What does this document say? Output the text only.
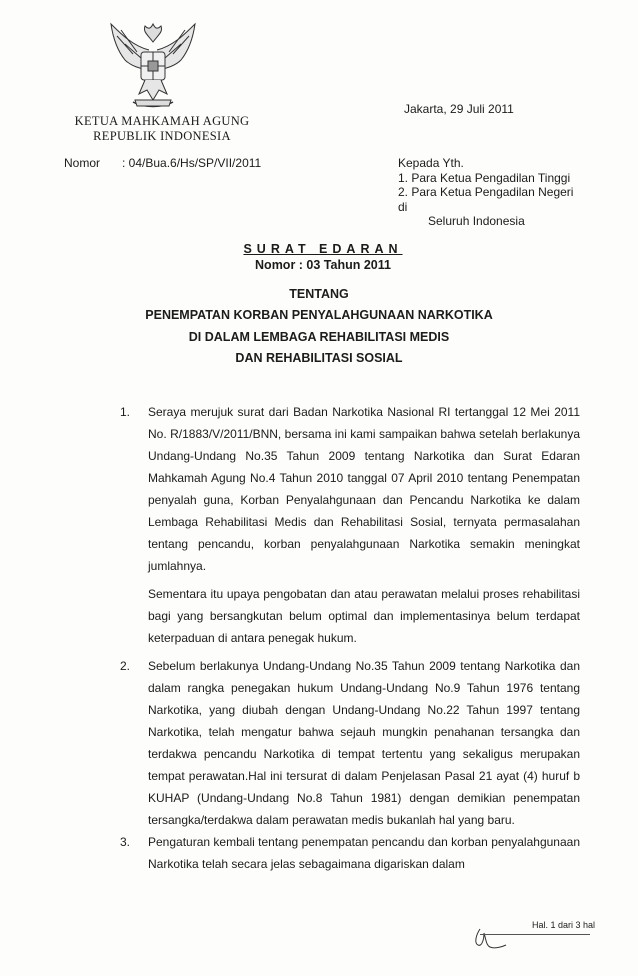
KETUA MAHKAMAH AGUNG
REPUBLIK INDONESIA
Jakarta, 29 Juli 2011
Nomor : 04/Bua.6/Hs/SP/VII/2011	Kepada Yth.
1. Para Ketua Pengadilan Tinggi
2. Para Ketua Pengadilan Negeri
di
Seluruh Indonesia
SURAT EDARAN
Nomor : 03 Tahun 2011
TENTANG
PENEMPATAN KORBAN PENYALAHGUNAAN NARKOTIKA
DI DALAM LEMBAGA REHABILITASI MEDIS
DAN REHABILITASI SOSIAL
1.	Seraya merujuk surat dari Badan Narkotika Nasional RI tertanggal 12 Mei 2011 No. R/1883/V/2011/BNN, bersama ini kami sampaikan bahwa setelah berlakunya Undang-Undang No.35 Tahun 2009 tentang Narkotika dan Surat Edaran Mahkamah Agung No.4 Tahun 2010 tanggal 07 April 2010 tentang Penempatan penyalah guna, Korban Penyalahgunaan dan Pencandu Narkotika ke dalam Lembaga Rehabilitasi Medis dan Rehabilitasi Sosial, ternyata permasalahan tentang pencandu, korban penyalahgunaan Narkotika semakin meningkat jumlahnya.
Sementara itu upaya pengobatan dan atau perawatan melalui proses rehabilitasi bagi yang bersangkutan belum optimal dan implementasinya belum terdapat keterpaduan di antara penegak hukum.
2.	Sebelum berlakunya Undang-Undang No.35 Tahun 2009 tentang Narkotika dan dalam rangka penegakan hukum Undang-Undang No.9 Tahun 1976 tentang Narkotika, yang diubah dengan Undang-Undang No.22 Tahun 1997 tentang Narkotika, telah mengatur bahwa sejauh mungkin penahanan tersangka dan terdakwa pencandu Narkotika di tempat tertentu yang sekaligus merupakan tempat perawatan.Hal ini tersurat di dalam Penjelasan Pasal 21 ayat (4) huruf b KUHAP (Undang-Undang No.8 Tahun 1981) dengan demikian penempatan tersangka/terdakwa dalam perawatan medis bukanlah hal yang baru.
3.	Pengaturan kembali tentang penempatan pencandu dan korban penyalahgunaan Narkotika telah secara jelas sebagaimana digariskan dalam
Hal. 1 dari 3 hal
